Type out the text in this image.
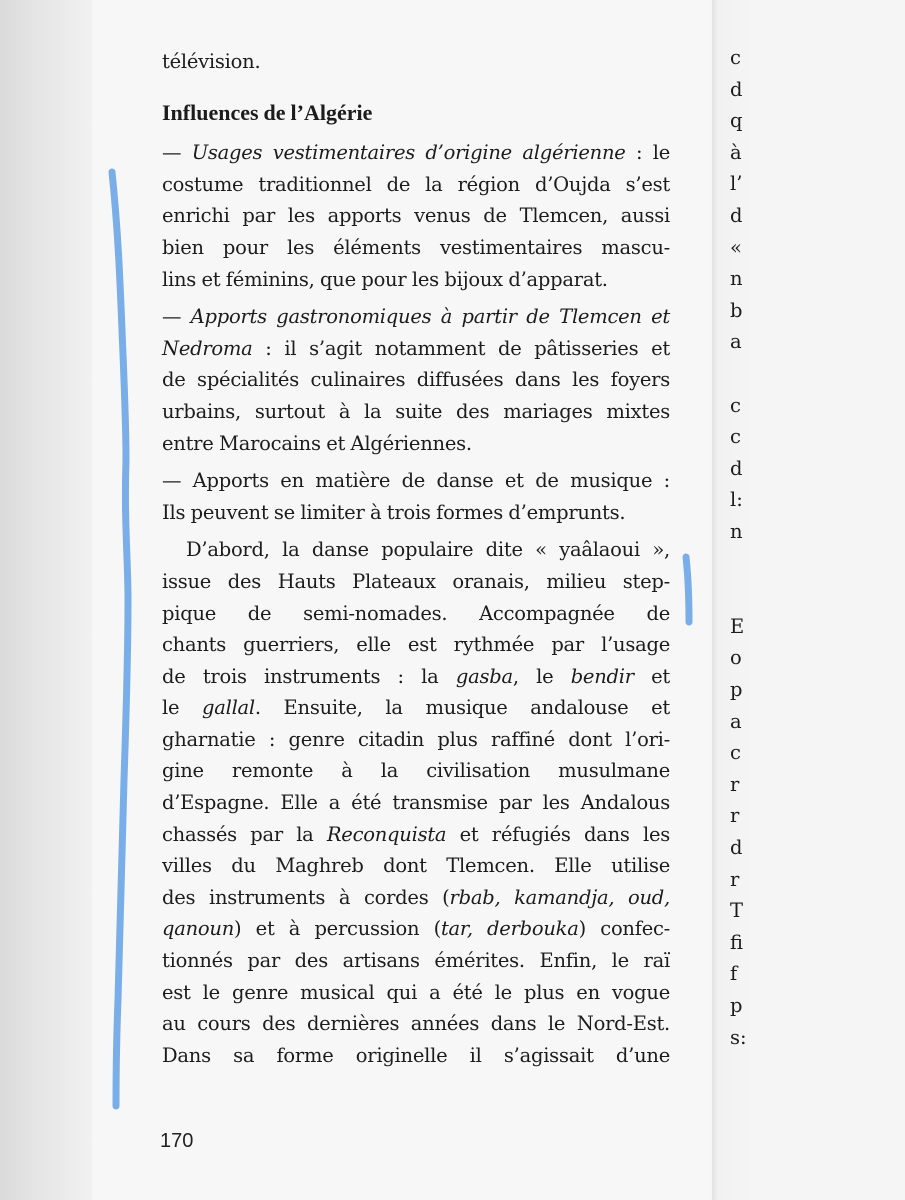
télévision.

Influences de l’Algérie

— Usages vestimentaires d’origine algérienne : le
costume traditionnel de la région d’Oujda s’est
enrichi par les apports venus de Tlemcen, aussi
bien pour les éléments vestimentaires mascu-
lins et féminins, que pour les bijoux d’apparat.

— Apports gastronomiques à partir de Tlemcen et
Nedroma : il s’agit notamment de pâtisseries et
de spécialités culinaires diffusées dans les foyers
urbains, surtout à la suite des mariages mixtes
entre Marocains et Algériennes.

— Apports en matière de danse et de musique :
Ils peuvent se limiter à trois formes d’emprunts.

D’abord, la danse populaire dite « yaâlaoui »,
issue des Hauts Plateaux oranais, milieu step-
pique de semi-nomades. Accompagnée de
chants guerriers, elle est rythmée par l’usage
de trois instruments : la gasba, le bendir et
le gallal. Ensuite, la musique andalouse et
gharnatie : genre citadin plus raffiné dont l’ori-
gine remonte à la civilisation musulmane
d’Espagne. Elle a été transmise par les Andalous
chassés par la Reconquista et réfugiés dans les
villes du Maghreb dont Tlemcen. Elle utilise
des instruments à cordes (rbab, kamandja, oud,
qanoun) et à percussion (tar, derbouka) confec-
tionnés par des artisans émérites. Enfin, le raï
est le genre musical qui a été le plus en vogue
au cours des dernières années dans le Nord-Est.
Dans sa forme originelle il s’agissait d’une
170
c
d
q
à
l’
d
«
n
b
a
c
c
d
l:
n
E
o
p
a
c
r
r
d
r
T
fi
f
p
s:
